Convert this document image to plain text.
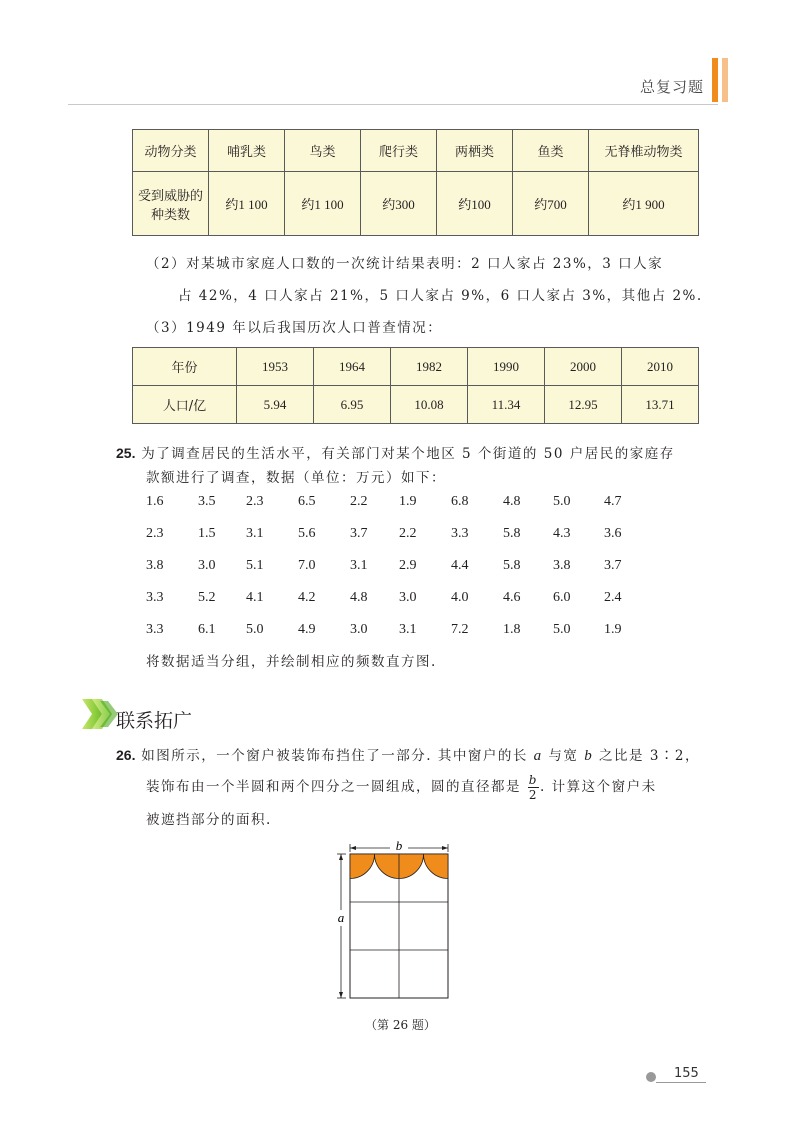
总复习题
动物分类	哺乳类	鸟类	爬行类	两栖类	鱼类	无脊椎动物类
受到威胁的
种类数	约1 100	约1 100	约300	约100	约700	约1 900
（2）对某城市家庭人口数的一次统计结果表明：2 口人家占 23%，3 口人家
占 42%，4 口人家占 21%，5 口人家占 9%，6 口人家占 3%，其他占 2%.
（3）1949 年以后我国历次人口普查情况：
年份	1953	1964	1982	1990	2000	2010
人口/亿	5.94	6.95	10.08	11.34	12.95	13.71
25. 为了调查居民的生活水平，有关部门对某个地区 5 个街道的 50 户居民的家庭存
款额进行了调查，数据（单位：万元）如下：
1.6 3.5 2.3 6.5 2.2 1.9 6.8 4.8 5.0 4.7
2.3 1.5 3.1 5.6 3.7 2.2 3.3 5.8 4.3 3.6
3.8 3.0 5.1 7.0 3.1 2.9 4.4 5.8 3.8 3.7
3.3 5.2 4.1 4.2 4.8 3.0 4.0 4.6 6.0 2.4
3.3 6.1 5.0 4.9 3.0 3.1 7.2 1.8 5.0 1.9
将数据适当分组，并绘制相应的频数直方图.
联系拓广
26. 如图所示，一个窗户被装饰布挡住了一部分. 其中窗户的长 a 与宽 b 之比是 3∶2，
装饰布由一个半圆和两个四分之一圆组成，圆的直径都是 $\frac{b}{2}$ . 计算这个窗户未
被遮挡部分的面积.
b
a
（第 26 题）
155
